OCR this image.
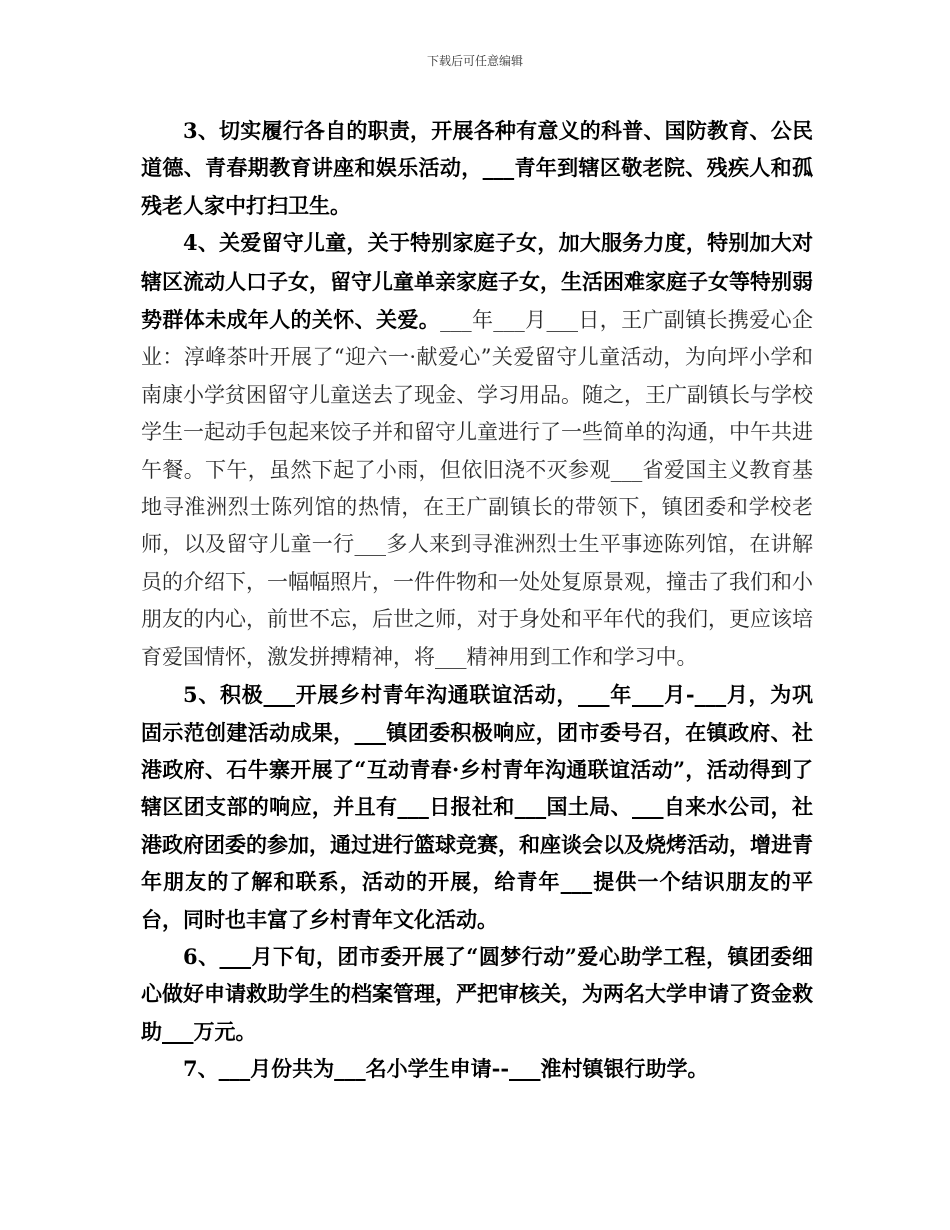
下载后可任意编辑

3、切实履行各自的职责，开展各种有意义的科普、国防教育、公民道德、青春期教育讲座和娱乐活动，___青年到辖区敬老院、残疾人和孤残老人家中打扫卫生。

4、关爱留守儿童，关于特别家庭子女，加大服务力度，特别加大对辖区流动人口子女，留守儿童单亲家庭子女，生活困难家庭子女等特别弱势群体未成年人的关怀、关爱。___年___月___日，王广副镇长携爱心企业：淳峰茶叶开展了“迎六一·献爱心”关爱留守儿童活动，为向坪小学和南康小学贫困留守儿童送去了现金、学习用品。随之，王广副镇长与学校学生一起动手包起来饺子并和留守儿童进行了一些简单的沟通，中午共进午餐。下午，虽然下起了小雨，但依旧浇不灭参观___省爱国主义教育基地寻淮洲烈士陈列馆的热情，在王广副镇长的带领下，镇团委和学校老师，以及留守儿童一行___多人来到寻淮洲烈士生平事迹陈列馆，在讲解员的介绍下，一幅幅照片，一件件物和一处处复原景观，撞击了我们和小朋友的内心，前世不忘，后世之师，对于身处和平年代的我们，更应该培育爱国情怀，激发拼搏精神，将___精神用到工作和学习中。

5、积极___开展乡村青年沟通联谊活动，___年___月-___月，为巩固示范创建活动成果，___镇团委积极响应，团市委号召，在镇政府、社港政府、石牛寨开展了“互动青春·乡村青年沟通联谊活动”，活动得到了辖区团支部的响应，并且有___日报社和___国土局、___自来水公司，社港政府团委的参加，通过进行篮球竞赛，和座谈会以及烧烤活动，增进青年朋友的了解和联系，活动的开展，给青年___提供一个结识朋友的平台，同时也丰富了乡村青年文化活动。

6、___月下旬，团市委开展了“圆梦行动”爱心助学工程，镇团委细心做好申请救助学生的档案管理，严把审核关，为两名大学申请了资金救助___万元。

7、___月份共为___名小学生申请--___淮村镇银行助学。
